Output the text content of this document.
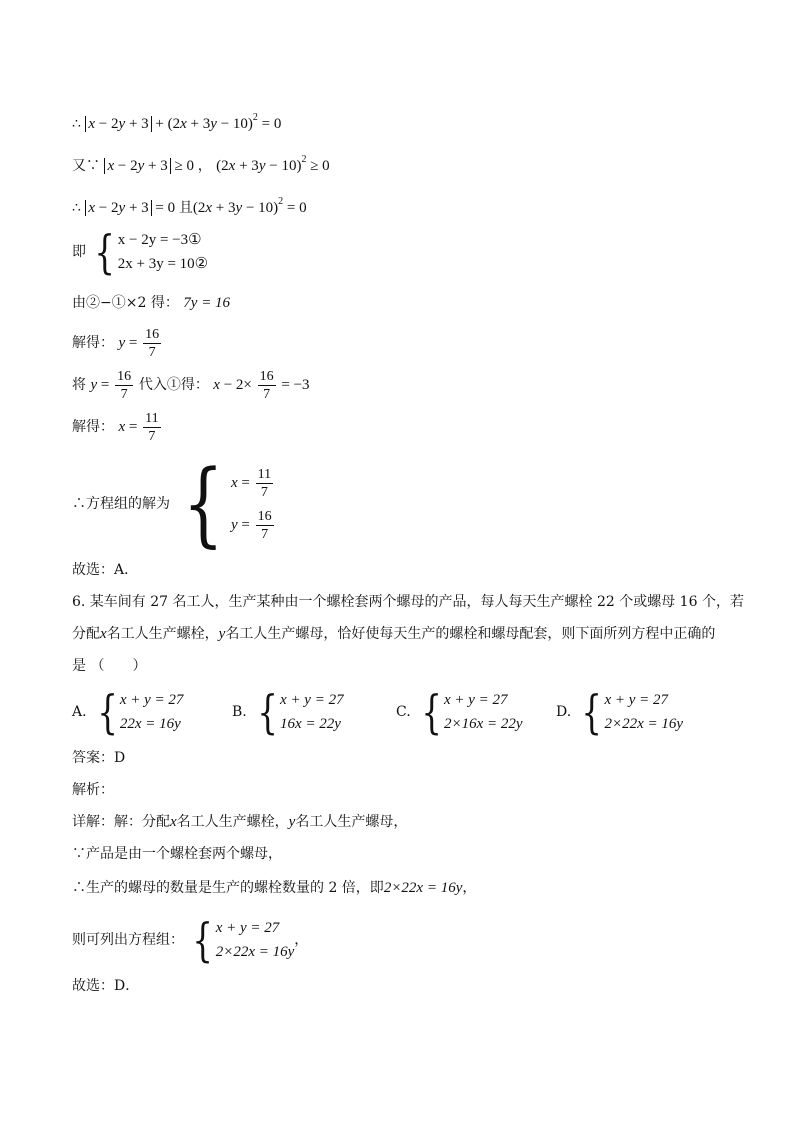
∴ $x - 2y + 3 + (2x + 3y - 10)^2 = 0$
又∵ x − 2y + 3 ≥ 0 ， $(2x + 3y - 10)^2 \ge 0$
∴ x − 2y + 3 = 0 且$(2x + 3y - 10)^2 = 0$
即 { x − 2y = −3①
2x + 3y = 10②
由②−①×2 得： 7y = 16
解得： $y = \frac{16}{7}$
将 $y = \frac{16}{7}$ 代入①得： $x - 2\times \frac{16}{7} = -3$
解得： $x = \frac{11}{7}$
∴方程组的解为 { $x = \frac{11}{7}$
$y = \frac{16}{7}$
故选：A．
6. 某车间有 27 名工人，生产某种由一个螺栓套两个螺母的产品，每人每天生产螺栓 22 个或螺母 16 个，若
分配x名工人生产螺栓，y名工人生产螺母，恰好使每天生产的螺栓和螺母配套，则下面所列方程中正确的
是 （　　）
A. { x + y = 27
22x = 16y
B. { x + y = 27
16x = 22y
C. { x + y = 27
2×16x = 22y
D. { x + y = 27
2×22x = 16y
答案：D
解析：
详解：解：分配x名工人生产螺栓，y名工人生产螺母，
∵产品是由一个螺栓套两个螺母，
∴生产的螺母的数量是生产的螺栓数量的 2 倍，即2×22x = 16y，
则可列出方程组： { x + y = 27
2×22x = 16y
，
故选：D．
